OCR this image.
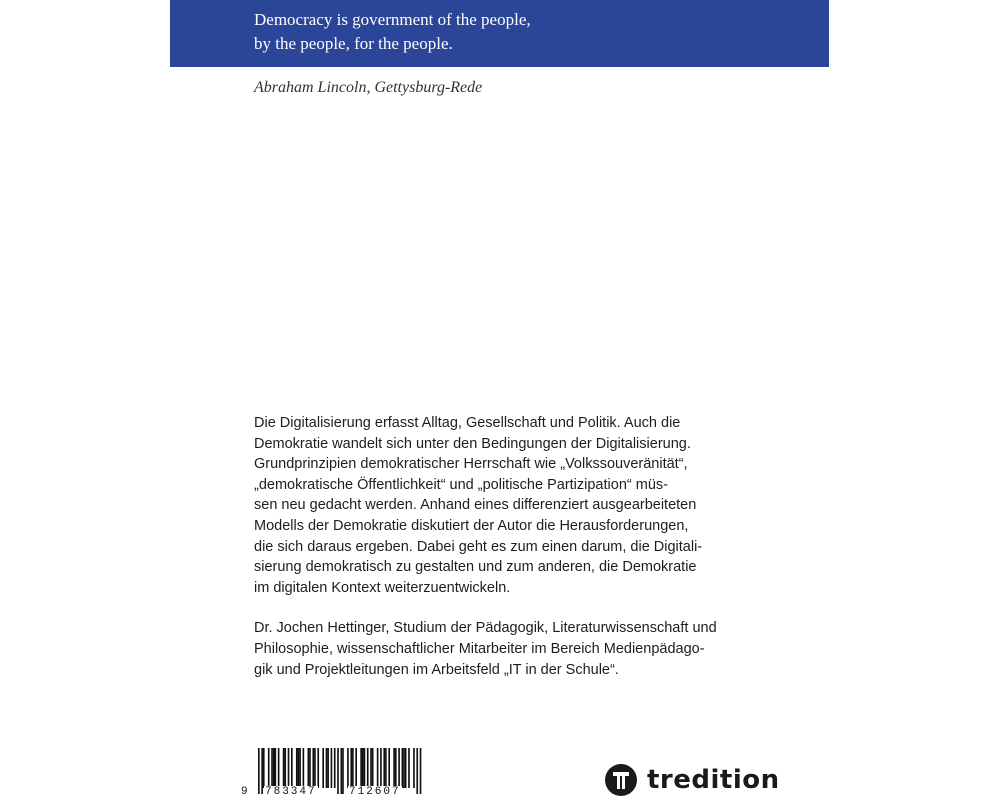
Democracy is government of the people,
by the people, for the people.
Abraham Lincoln, Gettysburg-Rede
Die Digitalisierung erfasst Alltag, Gesellschaft und Politik. Auch die
Demokratie wandelt sich unter den Bedingungen der Digitalisierung.
Grundprinzipien demokratischer Herrschaft wie „Volkssouveränität“,
„demokratische Öffentlichkeit“ und „politische Partizipation“ müs-
sen neu gedacht werden. Anhand eines differenziert ausgearbeiteten
Modells der Demokratie diskutiert der Autor die Herausforderungen,
die sich daraus ergeben. Dabei geht es zum einen darum, die Digitali-
sierung demokratisch zu gestalten und zum anderen, die Demokratie
im digitalen Kontext weiterzuentwickeln.
Dr. Jochen Hettinger, Studium der Pädagogik, Literaturwissenschaft und
Philosophie, wissenschaftlicher Mitarbeiter im Bereich Medienpädago-
gik und Projektleitungen im Arbeitsfeld „IT in der Schule“.
9 783347	712607	tredition
